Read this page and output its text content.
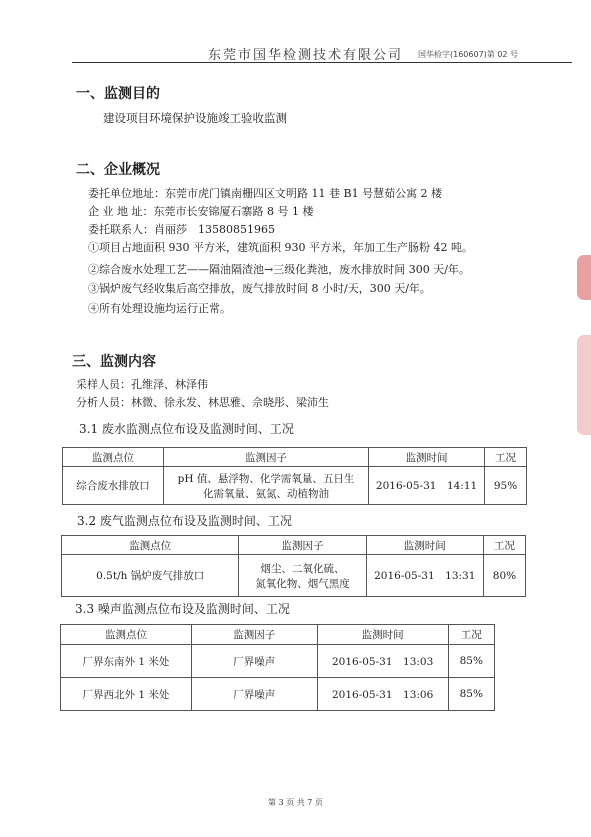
东莞市国华检测技术有限公司 国华检字(160607)第 02 号
一、监测目的
建设项目环境保护设施竣工验收监测
二、企业概况
委托单位地址：东莞市虎门镇南栅四区文明路 11 巷 B1 号慧茹公寓 2 楼
企 业 地 址：东莞市长安锦厦石寨路 8 号 1 楼
委托联系人：肖丽莎　13580851965
①项目占地面积 930 平方米，建筑面积 930 平方米，年加工生产肠粉 42 吨。
②综合废水处理工艺——隔油隔渣池→三级化粪池，废水排放时间 300 天/年。
③锅炉废气经收集后高空排放，废气排放时间 8 小时/天，300 天/年。
④所有处理设施均运行正常。
三、监测内容
采样人员：孔维泽、林泽伟
分析人员：林微、徐永发、林思雅、佘晓彤、梁沛生
3.1 废水监测点位布设及监测时间、工况
监测点位	监测因子	监测时间	工况
综合废水排放口	pH 值、悬浮物、化学需氧量、五日生
化需氧量、氨氮、动植物油	2016-05-31　14:11	95%
3.2 废气监测点位布设及监测时间、工况
监测点位	监测因子	监测时间	工况
0.5t/h 锅炉废气排放口	烟尘、二氧化硫、
氮氧化物、烟气黑度	2016-05-31　13:31	80%
3.3 噪声监测点位布设及监测时间、工况
监测点位	监测因子	监测时间	工况
厂界东南外 1 米处	厂界噪声	2016-05-31　13:03	85%
厂界西北外 1 米处	厂界噪声	2016-05-31　13:06	85%
第 3 页 共 7 页
